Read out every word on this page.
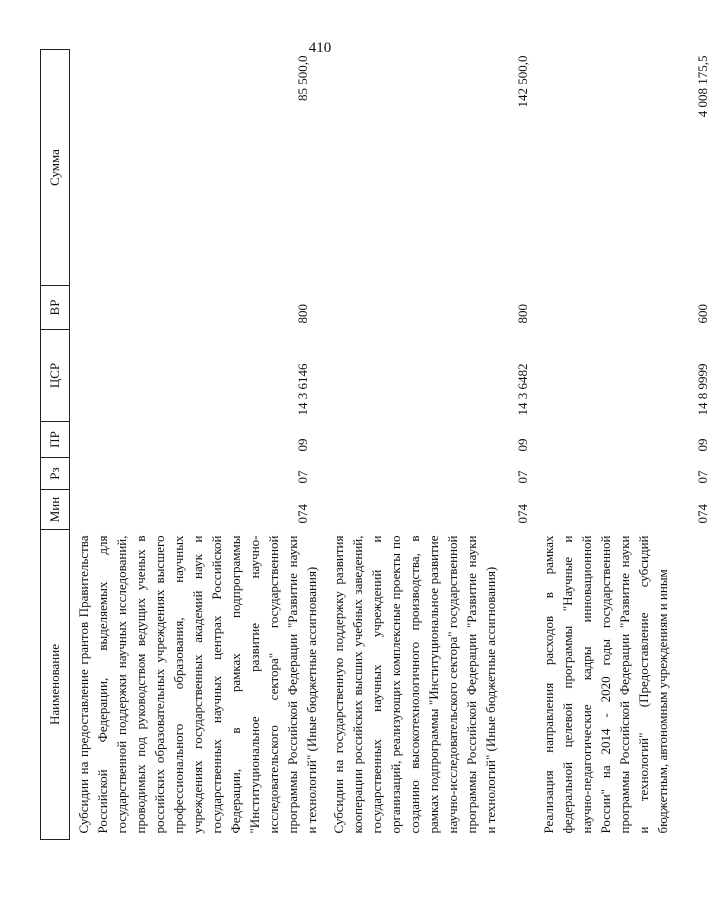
410
Наименование	Мин	Рз	ПР	ЦСР	ВР	Сумма
Субсидии на предоставление грантов Правительства Российской Федерации, выделяемых для государственной поддержки научных исследований, проводимых под руководством ведущих ученых в российских образовательных учреждениях высшего профессионального образования, научных учреждениях государственных академий наук и государственных научных центрах Российской Федерации, в рамках подпрограммы "Институциональное развитие научно-исследовательского сектора" государственной программы Российской Федерации "Развитие науки и технологий" (Иные бюджетные ассигнования)	074	07	09	14 3 6146	800	85 500,0
Субсидии на государственную поддержку развития кооперации российских высших учебных заведений, государственных научных учреждений и организаций, реализующих комплексные проекты по созданию высокотехнологичного производства, в рамках подпрограммы "Институциональное развитие научно-исследовательского сектора" государственной программы Российской Федерации "Развитие науки и технологий" (Иные бюджетные ассигнования)	074	07	09	14 3 6482	800	142 500,0
Реализация направления расходов в рамках федеральной целевой программы "Научные и научно-педагогические кадры инновационной России" на 2014 - 2020 годы государственной программы Российской Федерации "Развитие науки и технологий" (Предоставление субсидий бюджетным, автономным учреждениям и иным	074	07	09	14 8 9999	600	4 008 175,5
